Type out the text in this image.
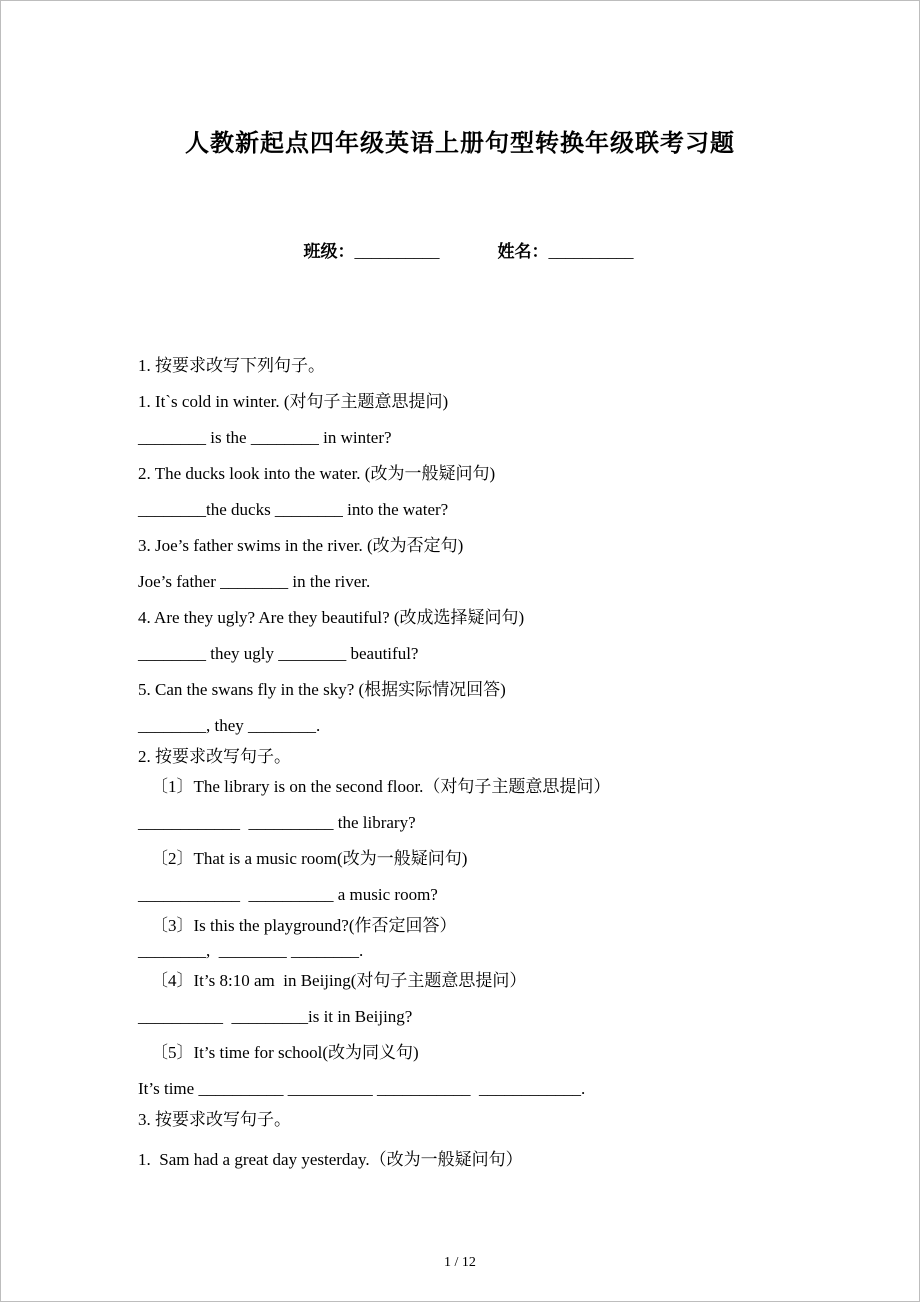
人教新起点四年级英语上册句型转换年级联考习题

班级：__________	姓名：__________

1. 按要求改写下列句子。

1. It`s cold in winter. (对句子主题意思提问)

________ is the ________ in winter?

2. The ducks look into the water. (改为一般疑问句)

________the ducks ________ into the water?

3. Joe’s father swims in the river. (改为否定句)

Joe’s father ________ in the river.

4. Are they ugly? Are they beautiful? (改成选择疑问句)

________ they ugly ________ beautiful?

5. Can the swans fly in the sky? (根据实际情况回答)

________, they ________.

2. 按要求改写句子。

〔1〕The library is on the second floor.（对句子主题意思提问）

____________  __________ the library?

〔2〕That is a music room(改为一般疑问句)

____________  __________ a music room?

〔3〕Is this the playground?(作否定回答）

________,  ________ ________.

〔4〕It’s 8:10 am  in Beijing(对句子主题意思提问）

__________  _________is it in Beijing?

〔5〕It’s time for school(改为同义句)

It’s time __________ __________ ___________  ____________.

3. 按要求改写句子。

1.  Sam had a great day yesterday.（改为一般疑问句）

1 / 12
